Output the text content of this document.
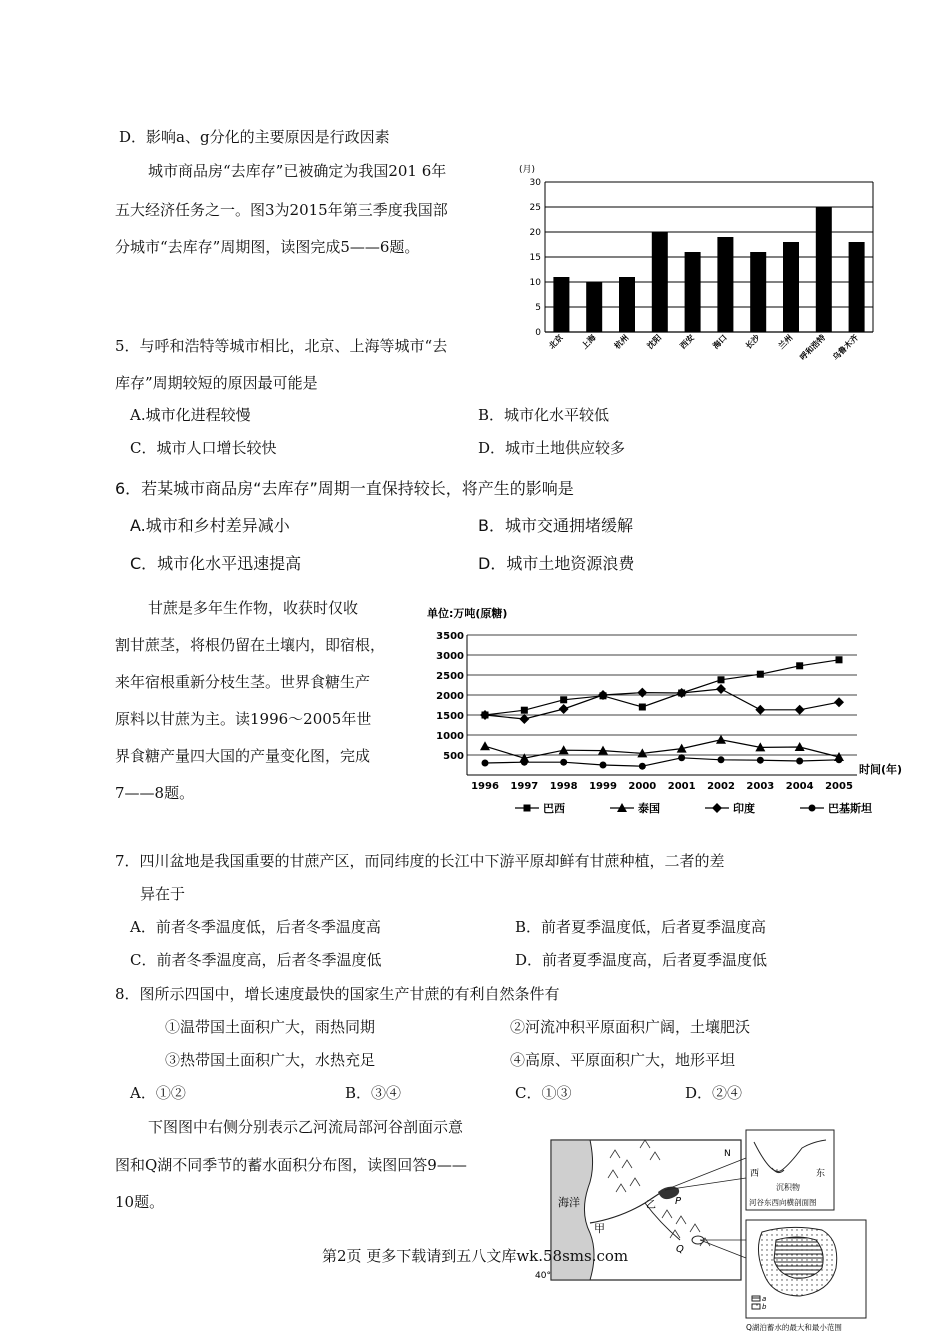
D．影响a、g分化的主要原因是行政因素
城市商品房“去库存”已被确定为我国201 6年
五大经济任务之一。图3为2015年第三季度我国部
分城市“去库存”周期图，读图完成5——6题。
(月)
0
5
10
15
20
25
30
北京 上海 杭州 沈阳 西安 海口 长沙 兰州 呼和浩特 乌鲁木齐
5．与呼和浩特等城市相比，北京、上海等城市“去
库存”周期较短的原因最可能是
A.城市化进程较慢	B．城市化水平较低
C．城市人口增长较快	D．城市土地供应较多
6．若某城市商品房“去库存”周期一直保持较长，将产生的影响是
A.城市和乡村差异减小	B．城市交通拥堵缓解
C．城市化水平迅速提高	D．城市土地资源浪费
甘蔗是多年生作物，收获时仅收
割甘蔗茎，将根仍留在土壤内，即宿根，
来年宿根重新分枝生茎。世界食糖生产
原料以甘蔗为主。读1996～2005年世
界食糖产量四大国的产量变化图，完成
7——8题。
单位:万吨(原糖)
500
1000
1500
2000
2500
3000
3500
1996 1997 1998 1999 2000 2001 2002 2003 2004 2005
时间(年)
巴西	泰国	印度	巴基斯坦
7．四川盆地是我国重要的甘蔗产区，而同纬度的长江中下游平原却鲜有甘蔗种植，二者的差
异在于
A．前者冬季温度低，后者冬季温度高	B．前者夏季温度低，后者夏季温度高
C．前者冬季温度高，后者冬季温度低	D．前者夏季温度高，后者夏季温度低
8．图所示四国中，增长速度最快的国家生产甘蔗的有利自然条件有
①温带国土面积广大，雨热同期	②河流冲积平原面积广阔，土壤肥沃
③热带国土面积广大，水热充足	④高原、平原面积广大，地形平坦
A．①②	B．③④	C．①③	D．②④
下图图中右侧分别表示乙河流局部河谷剖面示意
图和Q湖不同季节的蓄水面积分布图，读图回答9——
10题。	海洋
甲
乙 P
Q
N
40°
西	东
沉积物
河谷东西向横剖面图
a
b
Q湖泊蓄水的最大和最小范围
第2页 更多下载请到五八文库wk.58sms.com
